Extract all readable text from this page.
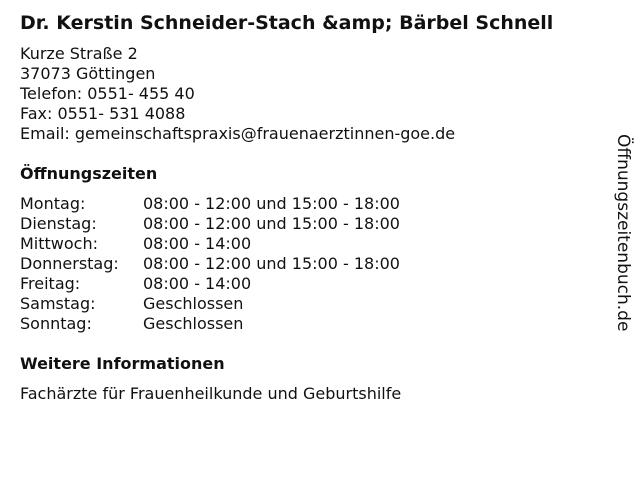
Dr. Kerstin Schneider-Stach &amp; Bärbel Schnell
Kurze Straße 2
37073 Göttingen
Telefon: 0551- 455 40
Fax: 0551- 531 4088
Email: gemeinschaftspraxis@frauenaerztinnen-goe.de
Öffnungszeiten
Montag:	08:00 - 12:00 und 15:00 - 18:00
Dienstag:	08:00 - 12:00 und 15:00 - 18:00
Mittwoch:	08:00 - 14:00
Donnerstag:	08:00 - 12:00 und 15:00 - 18:00
Freitag:	08:00 - 14:00
Samstag:	Geschlossen
Sonntag:	Geschlossen
Weitere Informationen
Fachärzte für Frauenheilkunde und Geburtshilfe
Öffnungszeitenbuch.de
